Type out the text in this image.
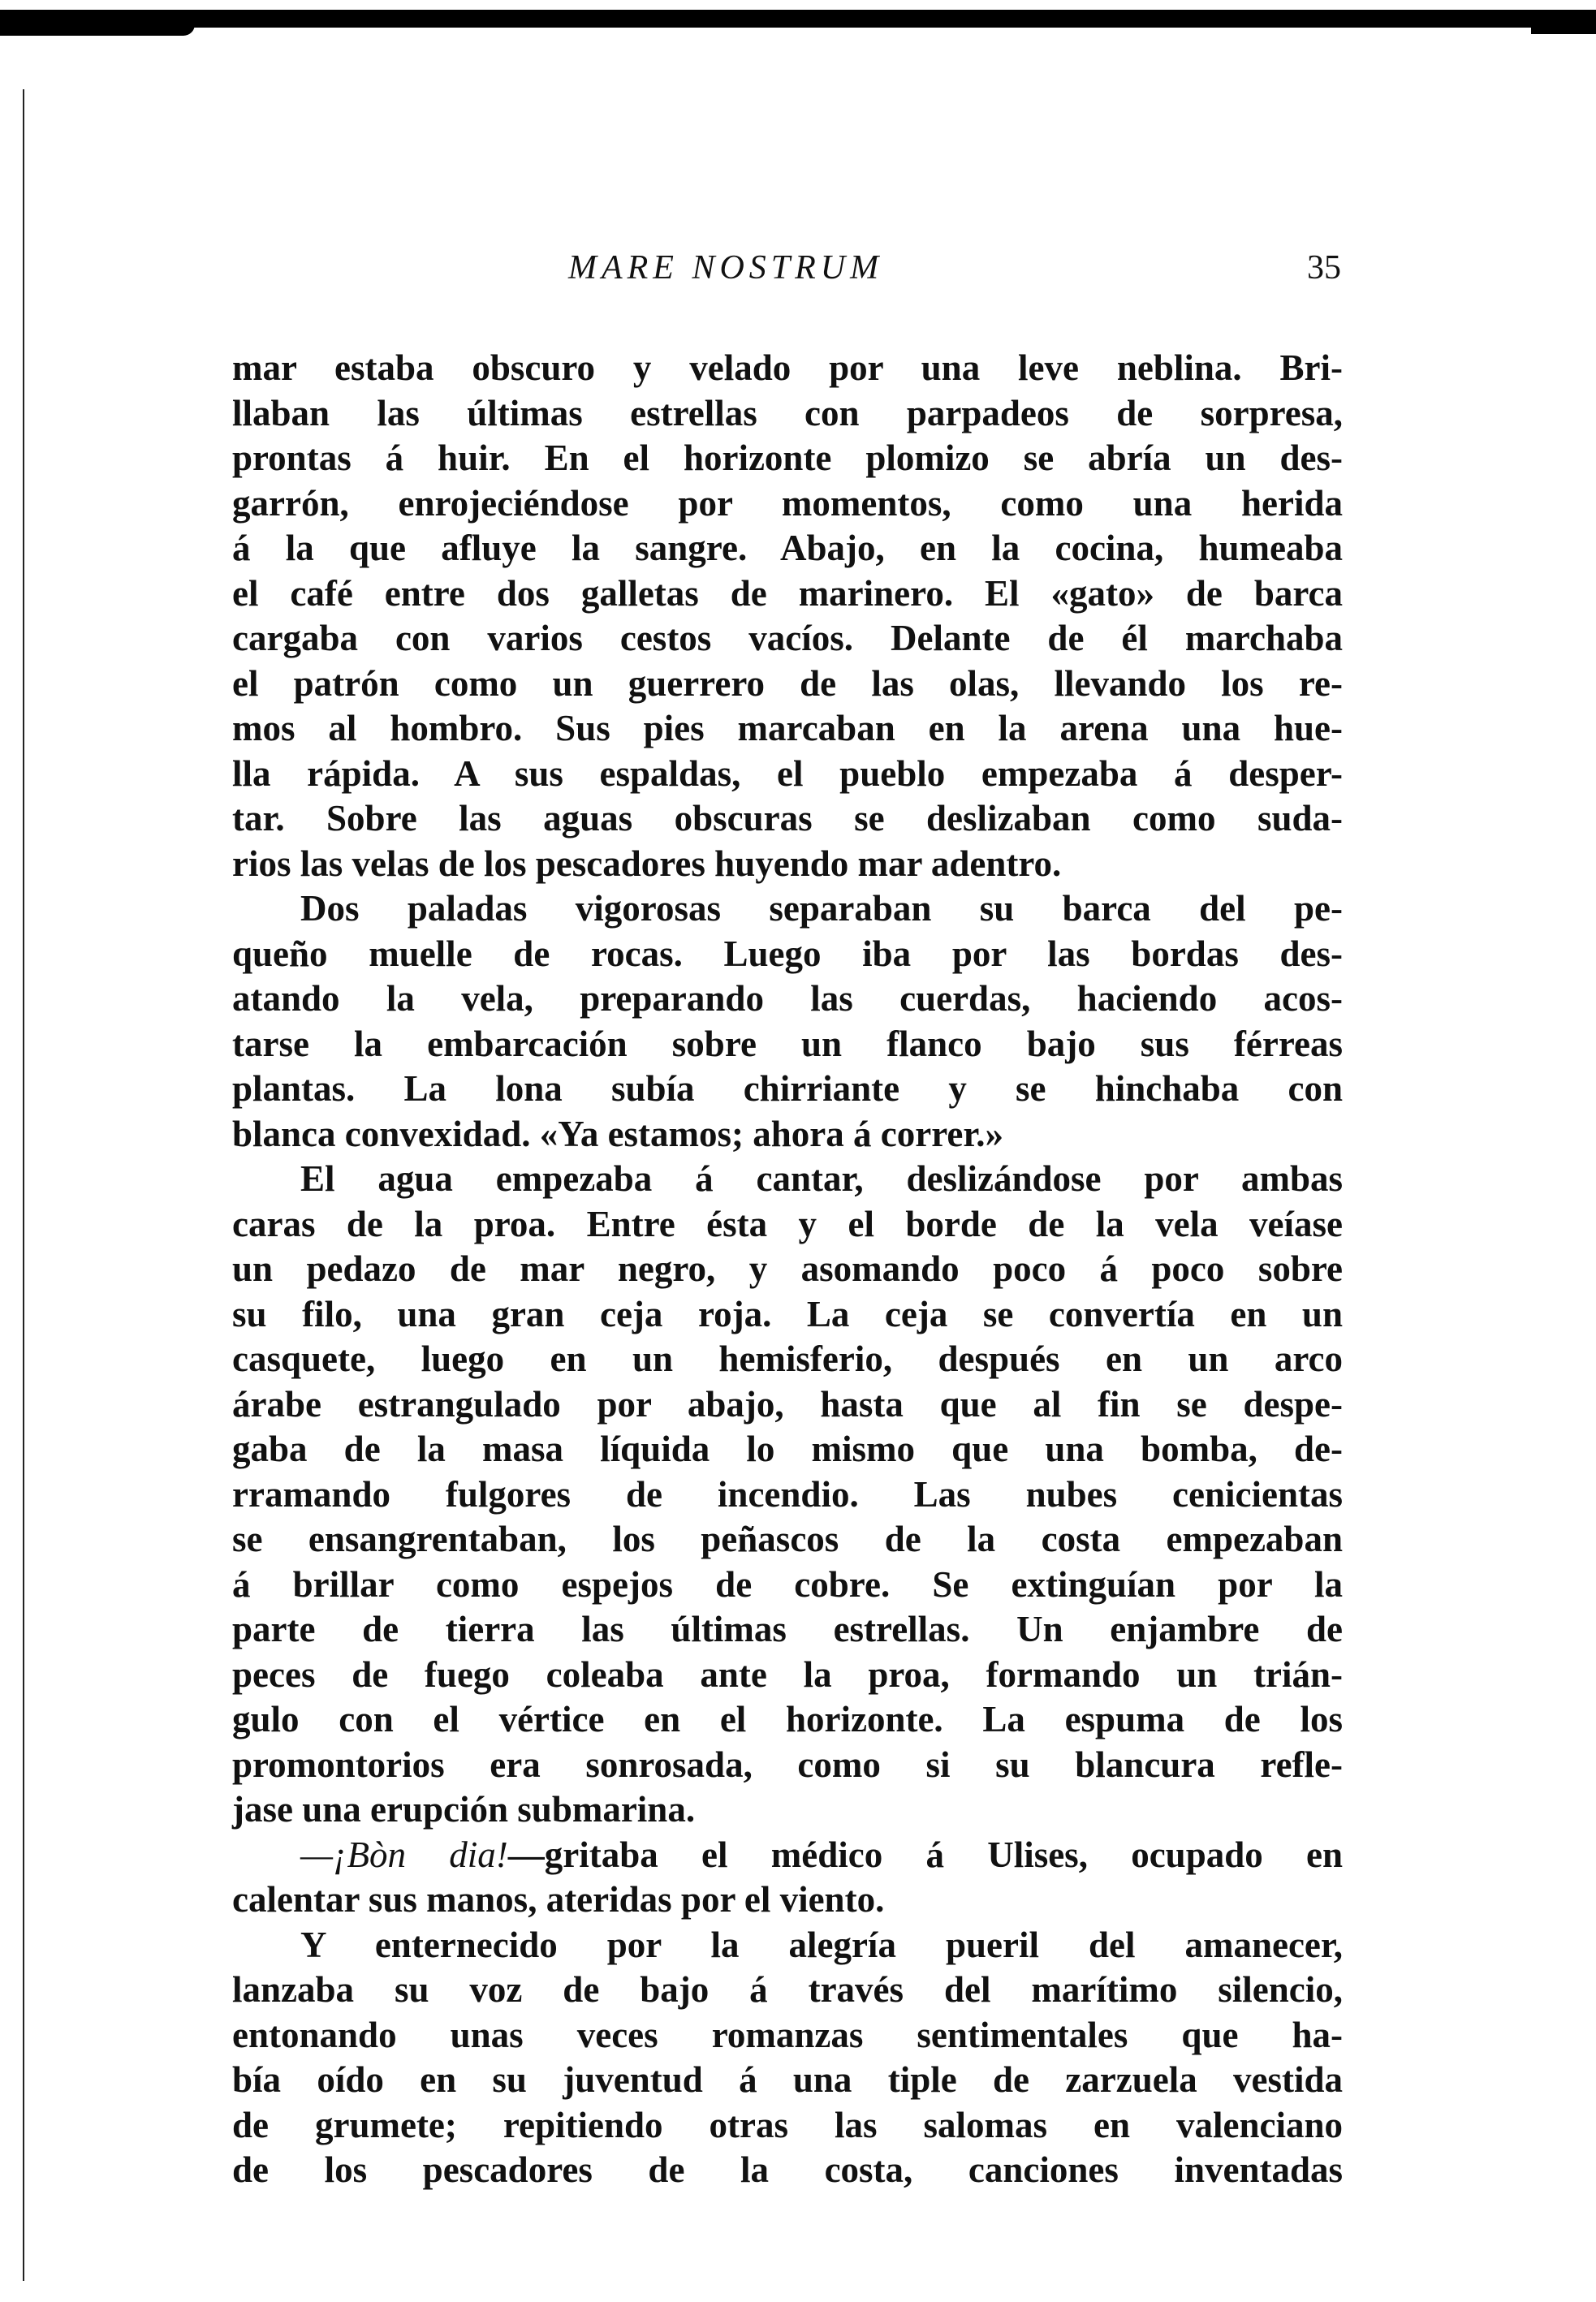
MARE NOSTRUM	35
mar estaba obscuro y velado por una leve neblina. Bri-
llaban las últimas estrellas con parpadeos de sorpresa,
prontas á huir. En el horizonte plomizo se abría un des-
garrón, enrojeciéndose por momentos, como una herida
á la que afluye la sangre. Abajo, en la cocina, humeaba
el café entre dos galletas de marinero. El «gato» de barca
cargaba con varios cestos vacíos. Delante de él marchaba
el patrón como un guerrero de las olas, llevando los re-
mos al hombro. Sus pies marcaban en la arena una hue-
lla rápida. A sus espaldas, el pueblo empezaba á desper-
tar. Sobre las aguas obscuras se deslizaban como suda-
rios las velas de los pescadores huyendo mar adentro.
Dos paladas vigorosas separaban su barca del pe-
queño muelle de rocas. Luego iba por las bordas des-
atando la vela, preparando las cuerdas, haciendo acos-
tarse la embarcación sobre un flanco bajo sus férreas
plantas. La lona subía chirriante y se hinchaba con
blanca convexidad. «Ya estamos; ahora á correr.»
El agua empezaba á cantar, deslizándose por ambas
caras de la proa. Entre ésta y el borde de la vela veíase
un pedazo de mar negro, y asomando poco á poco sobre
su filo, una gran ceja roja. La ceja se convertía en un
casquete, luego en un hemisferio, después en un arco
árabe estrangulado por abajo, hasta que al fin se despe-
gaba de la masa líquida lo mismo que una bomba, de-
rramando fulgores de incendio. Las nubes cenicientas
se ensangrentaban, los peñascos de la costa empezaban
á brillar como espejos de cobre. Se extinguían por la
parte de tierra las últimas estrellas. Un enjambre de
peces de fuego coleaba ante la proa, formando un trián-
gulo con el vértice en el horizonte. La espuma de los
promontorios era sonrosada, como si su blancura refle-
jase una erupción submarina.
—¡Bòn dia!—gritaba el médico á Ulises, ocupado en
calentar sus manos, ateridas por el viento.
Y enternecido por la alegría pueril del amanecer,
lanzaba su voz de bajo á través del marítimo silencio,
entonando unas veces romanzas sentimentales que ha-
bía oído en su juventud á una tiple de zarzuela vestida
de grumete; repitiendo otras las salomas en valenciano
de los pescadores de la costa, canciones inventadas
